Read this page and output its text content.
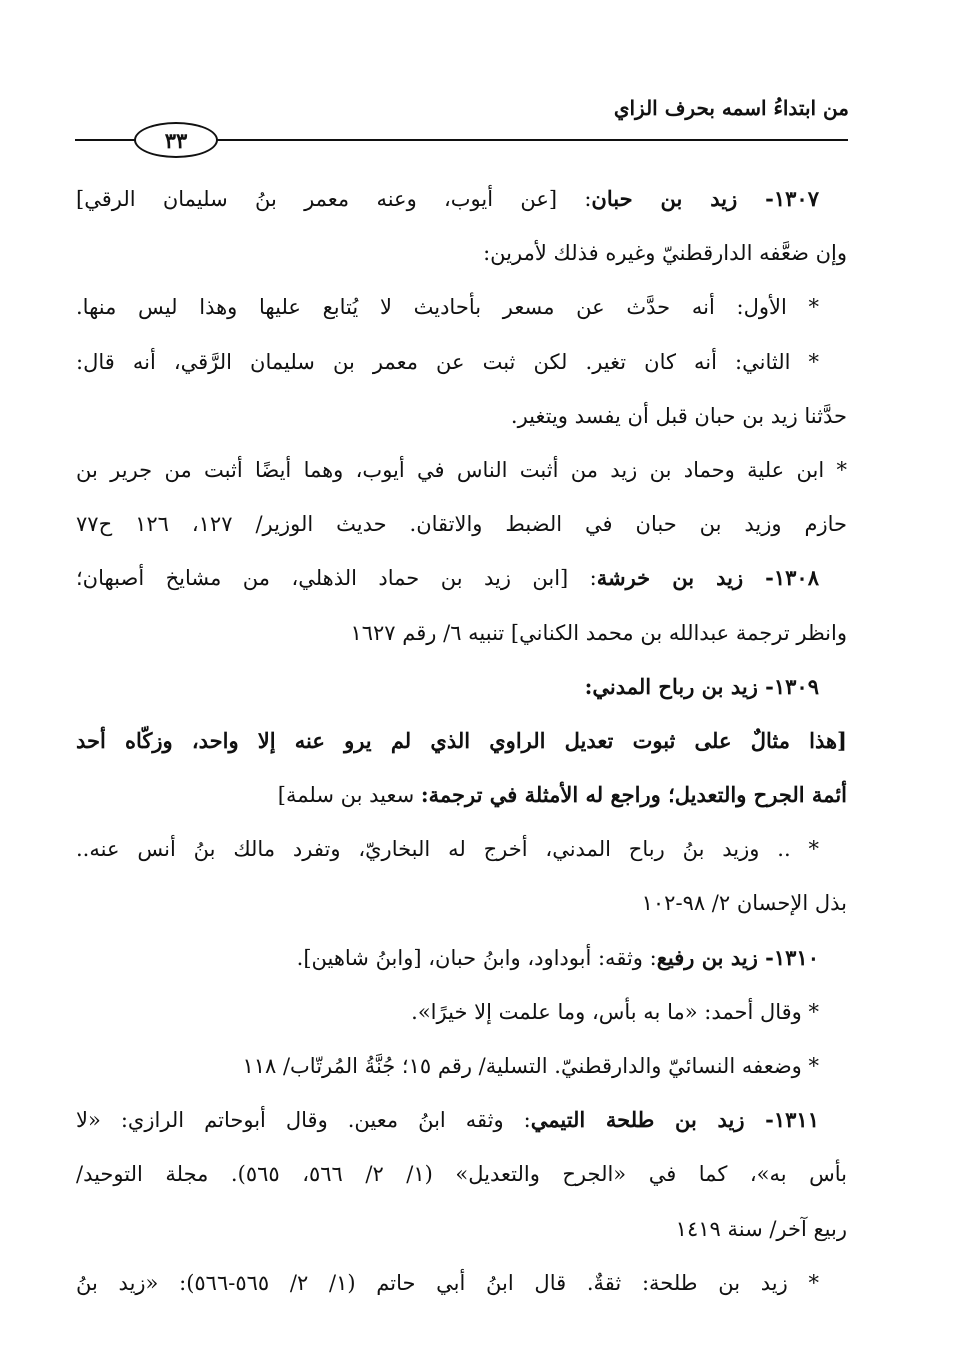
من ابتداءُ اسمه بحرف الزاي
٣٣
١٣٠٧- زيد بن حبان: [عن أيوب، وعنه معمر بنُ سليمان الرقي]
وإن ضعَّفه الدارقطنيّ وغيره فذلك لأمرين:
* الأول: أنه حدَّث عن مسعر بأحاديث لا يُتابع عليها وهذا ليس منها.
* الثاني: أنه كان تغير. لكن ثبت عن معمر بن سليمان الرَّقي، أنه قال:
حدَّثنا زيد بن حبان قبل أن يفسد ويتغير.
* ابن علية وحماد بن زيد من أثبت الناس في أيوب، وهما أيضًا أثبت من جرير بن
حازم وزيد بن حبان في الضبط والاتقان. حديث الوزير/ ١٢٧، ١٢٦ ح٧٧
١٣٠٨- زيد بن خرشة: [ابن زيد بن حماد الذهلي، من مشايخ أصبهان؛
وانظر ترجمة عبدالله بن محمد الكناني] تنبيه ٦/ رقم ١٦٢٧
١٣٠٩- زيد بن رباح المدني:
[هذا مثالٌ على ثبوت تعديل الراوي الذي لم يرو عنه إلا واحد، وزكّاه أحد
أئمة الجرح والتعديل؛ وراجع له الأمثلة في ترجمة: سعيد بن سلمة]
* .. وزيد بنُ رباح المدني، أخرج له البخاريّ، وتفرد مالك بنُ أنس عنه..
بذل الإحسان ٢/ ٩٨-١٠٢
١٣١٠- زيد بن رفيع: وثقه: أبوداود، وابنُ حبان، [وابنُ شاهين].
* وقال أحمد: «ما به بأس، وما علمت إلا خيرًا».
* وضعفه النسائيّ والدارقطنيّ. التسلية/ رقم ١٥؛ جُنَّةُ المُرتّاب/ ١١٨
١٣١١- زيد بن طلحة التيمي: وثقه ابنُ معين. وقال أبوحاتم الرازي: «لا
بأس به»، كما في «الجرح والتعديل» (١/ ٢/ ٥٦٦، ٥٦٥). مجلة التوحيد/
ربيع آخر/ سنة ١٤١٩
* زيد بن طلحة: ثقةٌ. قال ابنُ أبي حاتم (١/ ٢/ ٥٦٥-٥٦٦): «زيد بنُ
